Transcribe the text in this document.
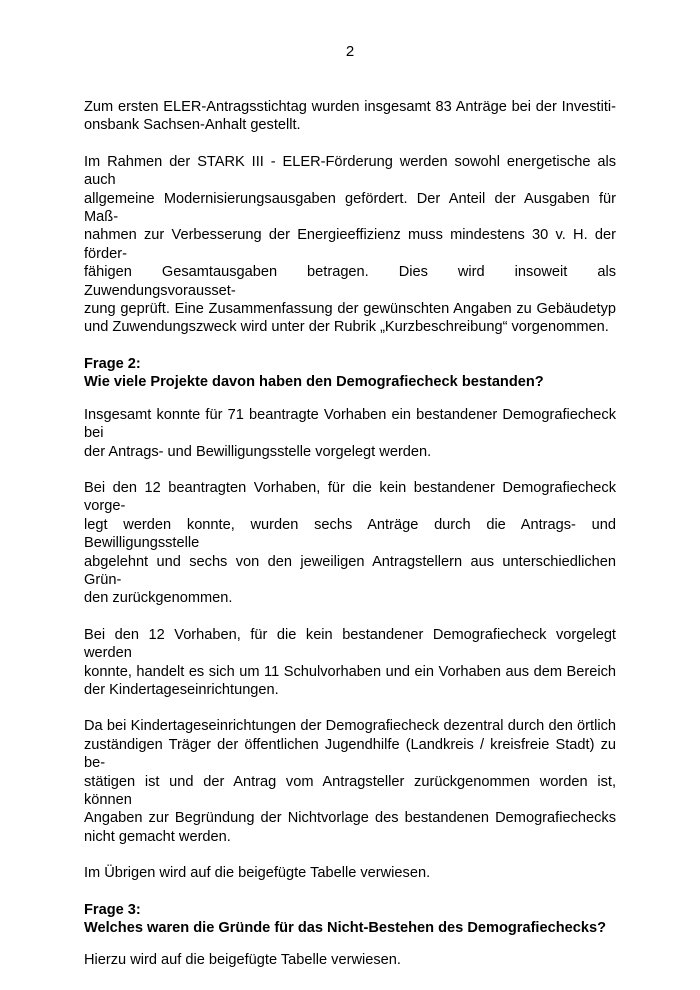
2
Zum ersten ELER-Antragsstichtag wurden insgesamt 83 Anträge bei der Investiti-
onsbank Sachsen-Anhalt gestellt.
Im Rahmen der STARK III - ELER-Förderung werden sowohl energetische als auch
allgemeine Modernisierungsausgaben gefördert. Der Anteil der Ausgaben für Maß-
nahmen zur Verbesserung der Energieeffizienz muss mindestens 30 v. H. der förder-
fähigen Gesamtausgaben betragen. Dies wird insoweit als Zuwendungsvorausset-
zung geprüft. Eine Zusammenfassung der gewünschten Angaben zu Gebäudetyp
und Zuwendungszweck wird unter der Rubrik „Kurzbeschreibung“ vorgenommen.
Frage 2:
Wie viele Projekte davon haben den Demografiecheck bestanden?
Insgesamt konnte für 71 beantragte Vorhaben ein bestandener Demografiecheck bei
der Antrags- und Bewilligungsstelle vorgelegt werden.
Bei den 12 beantragten Vorhaben, für die kein bestandener Demografiecheck vorge-
legt werden konnte, wurden sechs Anträge durch die Antrags- und Bewilligungsstelle
abgelehnt und sechs von den jeweiligen Antragstellern aus unterschiedlichen Grün-
den zurückgenommen.
Bei den 12 Vorhaben, für die kein bestandener Demografiecheck vorgelegt werden
konnte, handelt es sich um 11 Schulvorhaben und ein Vorhaben aus dem Bereich
der Kindertageseinrichtungen.
Da bei Kindertageseinrichtungen der Demografiecheck dezentral durch den örtlich
zuständigen Träger der öffentlichen Jugendhilfe (Landkreis / kreisfreie Stadt) zu be-
stätigen ist und der Antrag vom Antragsteller zurückgenommen worden ist, können
Angaben zur Begründung der Nichtvorlage des bestandenen Demografiechecks
nicht gemacht werden.
Im Übrigen wird auf die beigefügte Tabelle verwiesen.
Frage 3:
Welches waren die Gründe für das Nicht-Bestehen des Demografiechecks?
Hierzu wird auf die beigefügte Tabelle verwiesen.
